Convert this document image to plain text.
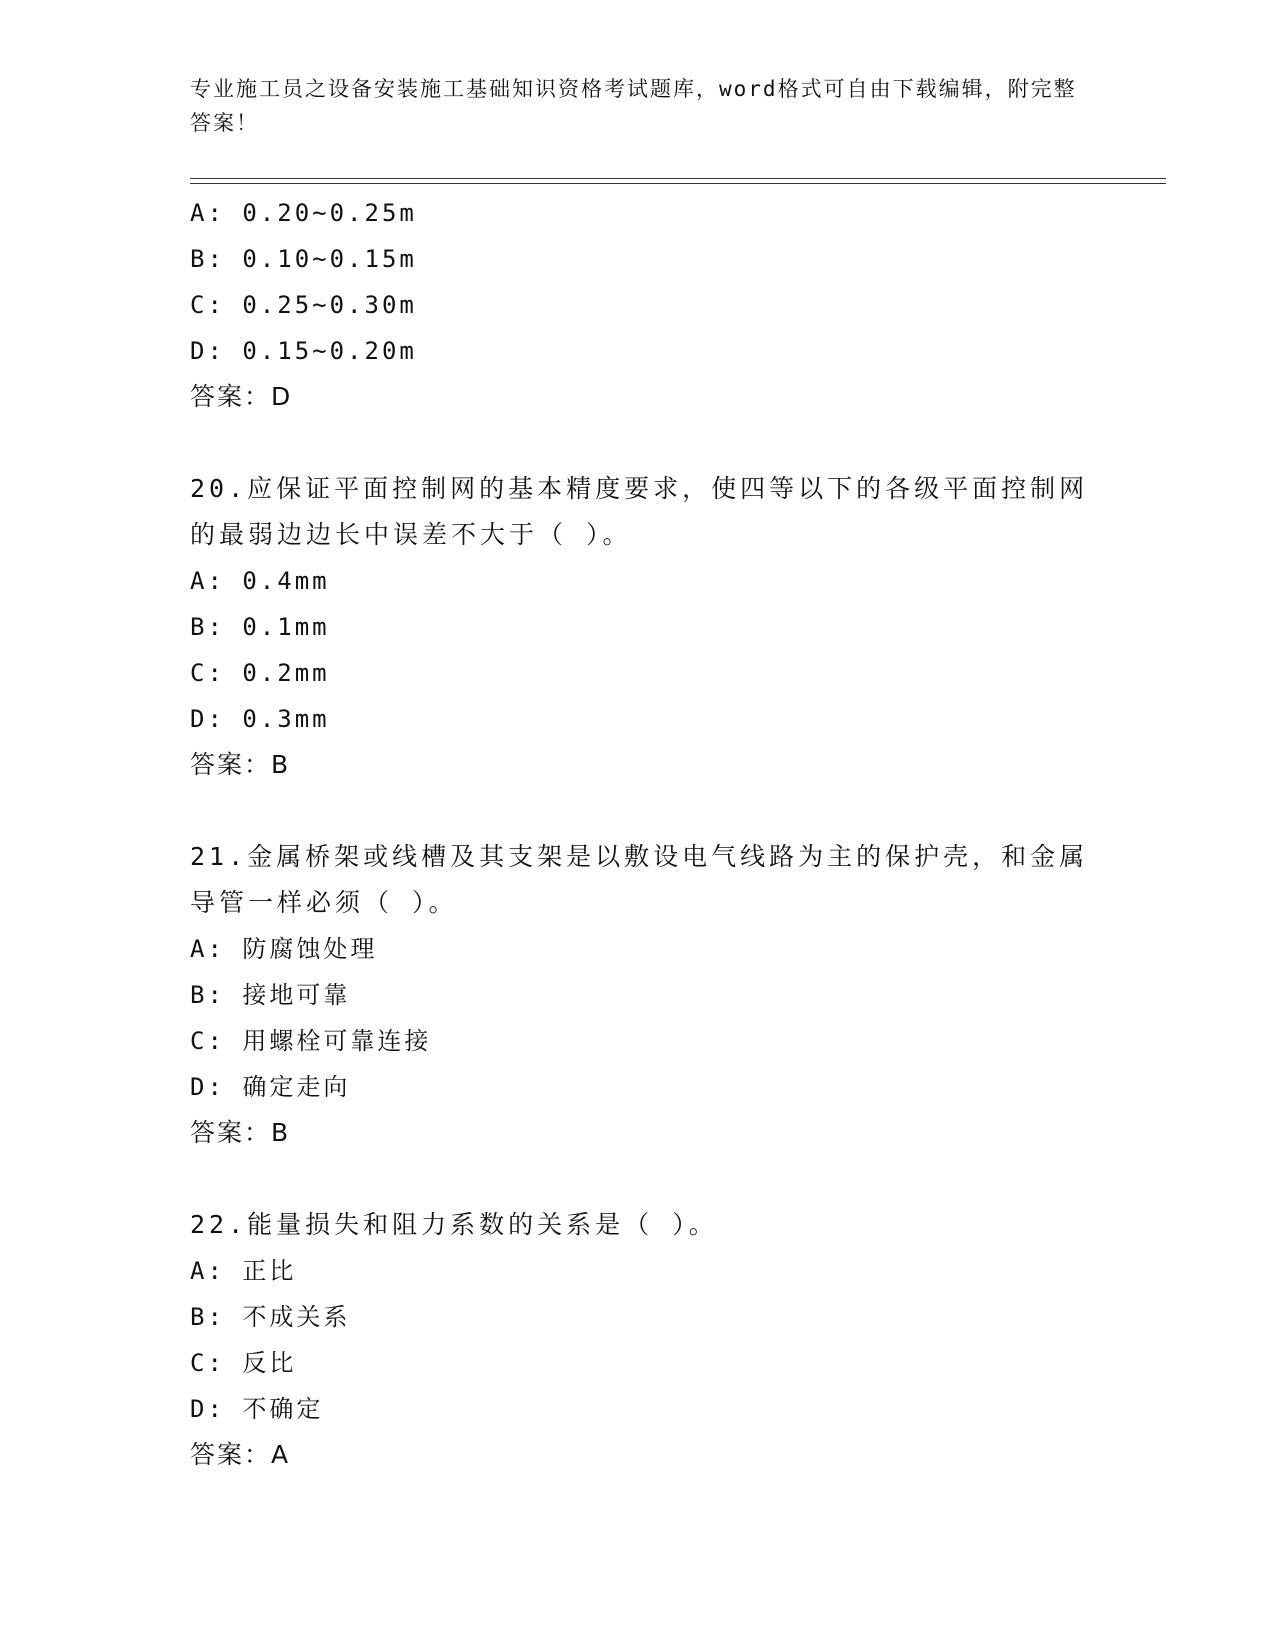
专业施工员之设备安装施工基础知识资格考试题库，word格式可自由下载编辑，附完整答案！
A: 0.20~0.25m
B: 0.10~0.15m
C: 0.25~0.30m
D: 0.15~0.20m
答案：D
20.应保证平面控制网的基本精度要求，使四等以下的各级平面控制网的最弱边边长中误差不大于（ ）。
A: 0.4mm
B: 0.1mm
C: 0.2mm
D: 0.3mm
答案：B
21.金属桥架或线槽及其支架是以敷设电气线路为主的保护壳，和金属导管一样必须（ ）。
A: 防腐蚀处理
B: 接地可靠
C: 用螺栓可靠连接
D: 确定走向
答案：B
22.能量损失和阻力系数的关系是（ ）。
A: 正比
B: 不成关系
C: 反比
D: 不确定
答案：A
